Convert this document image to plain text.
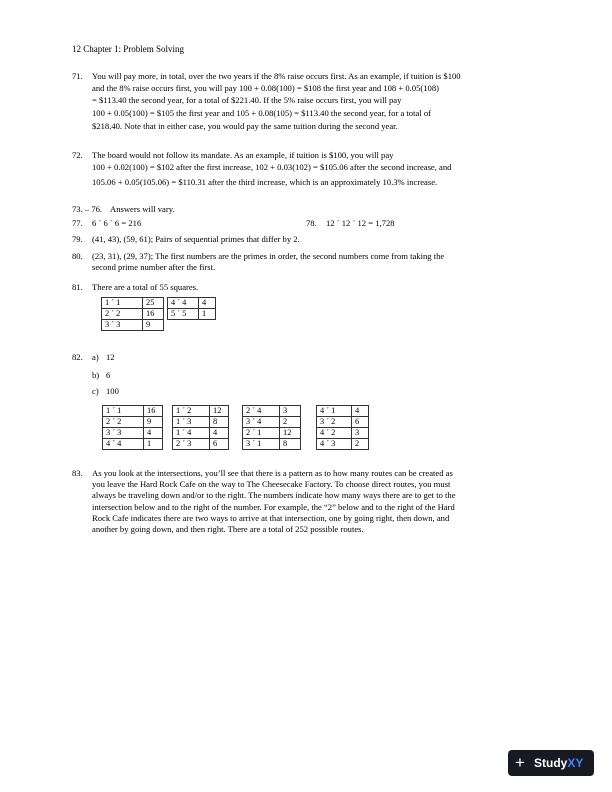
12 Chapter 1: Problem Solving
71. You will pay more, in total, over the two years if the 8% raise occurs first. As an example, if tuition is $100
and the 8% raise occurs first, you will pay 100 + 0.08(100) = $108 the first year and 108 + 0.05(108)
= $113.40 the second year, for a total of $221.40. If the 5% raise occurs first, you will pay
100 + 0.05(100) = $105 the first year and 105 + 0.08(105) = $113.40 the second year, for a total of
$218.40. Note that in either case, you would pay the same tuition during the second year.
72. The board would not follow its mandate. As an example, if tuition is $100, you will pay
100 + 0.02(100) = $102 after the first increase, 102 + 0.03(102) = $105.06 after the second increase, and
105.06 + 0.05(105.06) = $110.31 after the third increase, which is an approximately 10.3% increase.
73. – 76. Answers will vary.
77. 6 ´ 6 ´ 6 = 216	78. 12 ´ 12 ´ 12 = 1,728
79. (41, 43), (59, 61); Pairs of sequential primes that differ by 2.
80. (23, 31), (29, 37); The first numbers are the primes in order, the second numbers come from taking the
second prime number after the first.
81. There are a total of 55 squares.
1 ´ 1	25
2 ´ 2	16
3 ´ 3	9
4 ´ 4	4
5 ´ 5	1
82. a) 12
b) 6
c) 100
1 ´ 1	16
2 ´ 2	9
3 ´ 3	4
4 ´ 4	1
1 ´ 2	12
1 ´ 3	8
1 ´ 4	4
2 ´ 3	6
2 ´ 4	3
3 ´ 4	2
2 ´ 1	12
3 ´ 1	8
4 ´ 1	4
3 ´ 2	6
4 ´ 2	3
4 ´ 3	2
83. As you look at the intersections, you’ll see that there is a pattern as to how many routes can be created as
you leave the Hard Rock Cafe on the way to The Cheesecake Factory. To choose direct routes, you must
always be traveling down and/or to the right. The numbers indicate how many ways there are to get to the
intersection below and to the right of the number. For example, the “2” below and to the right of the Hard
Rock Cafe indicates there are two ways to arrive at that intersection, one by going right, then down, and
another by going down, and then right. There are a total of 252 possible routes.
+ StudyXY
